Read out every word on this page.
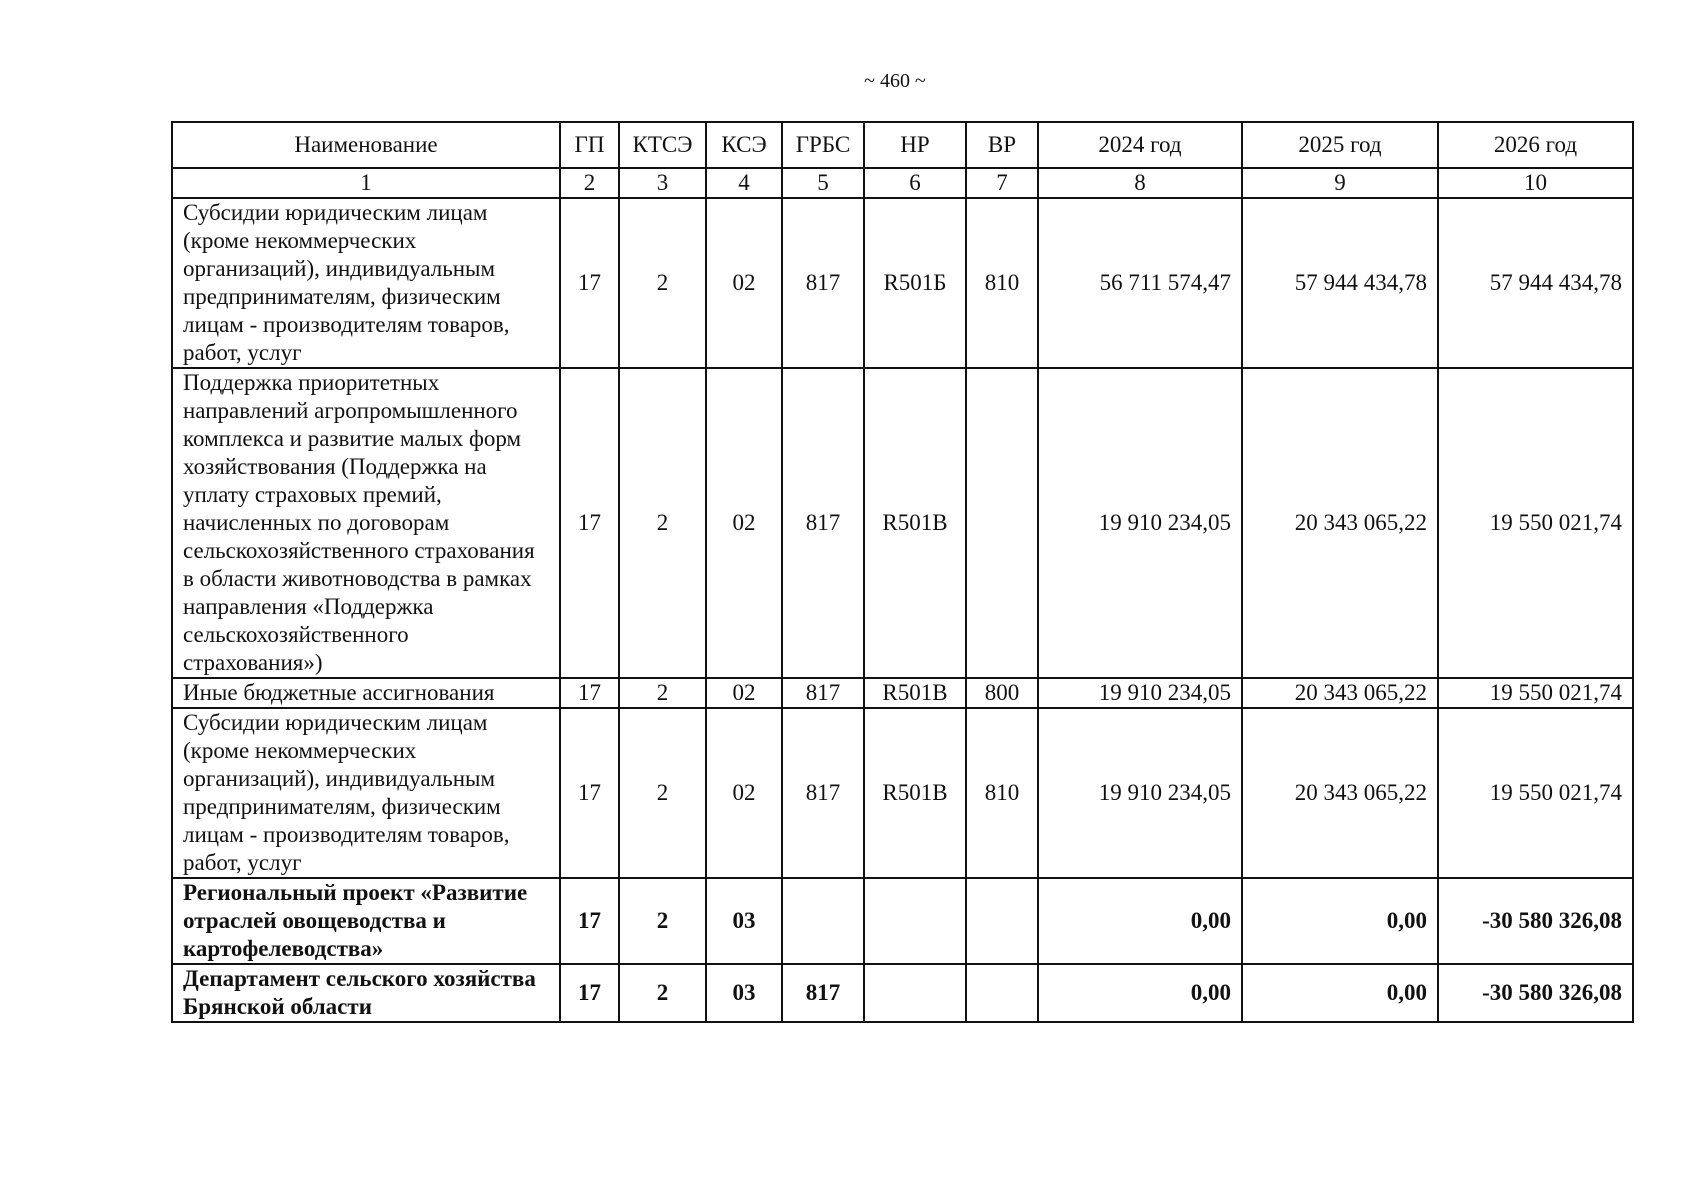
~ 460 ~
Наименование	ГП	КТСЭ	КСЭ	ГРБС	НР	ВР	2024 год	2025 год	2026 год
1	2	3	4	5	6	7	8	9	10
Субсидии юридическим лицам (кроме некоммерческих организаций), индивидуальным предпринимателям, физическим лицам - производителям товаров, работ, услуг	17	2	02	817	R501Б	810	56 711 574,47	57 944 434,78	57 944 434,78
Поддержка приоритетных направлений агропромышленного комплекса и развитие малых форм хозяйствования (Поддержка на уплату страховых премий, начисленных по договорам сельскохозяйственного страхования в области животноводства в рамках направления «Поддержка сельскохозяйственного страхования»)	17	2	02	817	R501В		19 910 234,05	20 343 065,22	19 550 021,74
Иные бюджетные ассигнования	17	2	02	817	R501В	800	19 910 234,05	20 343 065,22	19 550 021,74
Субсидии юридическим лицам (кроме некоммерческих организаций), индивидуальным предпринимателям, физическим лицам - производителям товаров, работ, услуг	17	2	02	817	R501В	810	19 910 234,05	20 343 065,22	19 550 021,74
Региональный проект «Развитие отраслей овощеводства и картофелеводства»	17	2	03				0,00	0,00	-30 580 326,08
Департамент сельского хозяйства Брянской области	17	2	03	817			0,00	0,00	-30 580 326,08
